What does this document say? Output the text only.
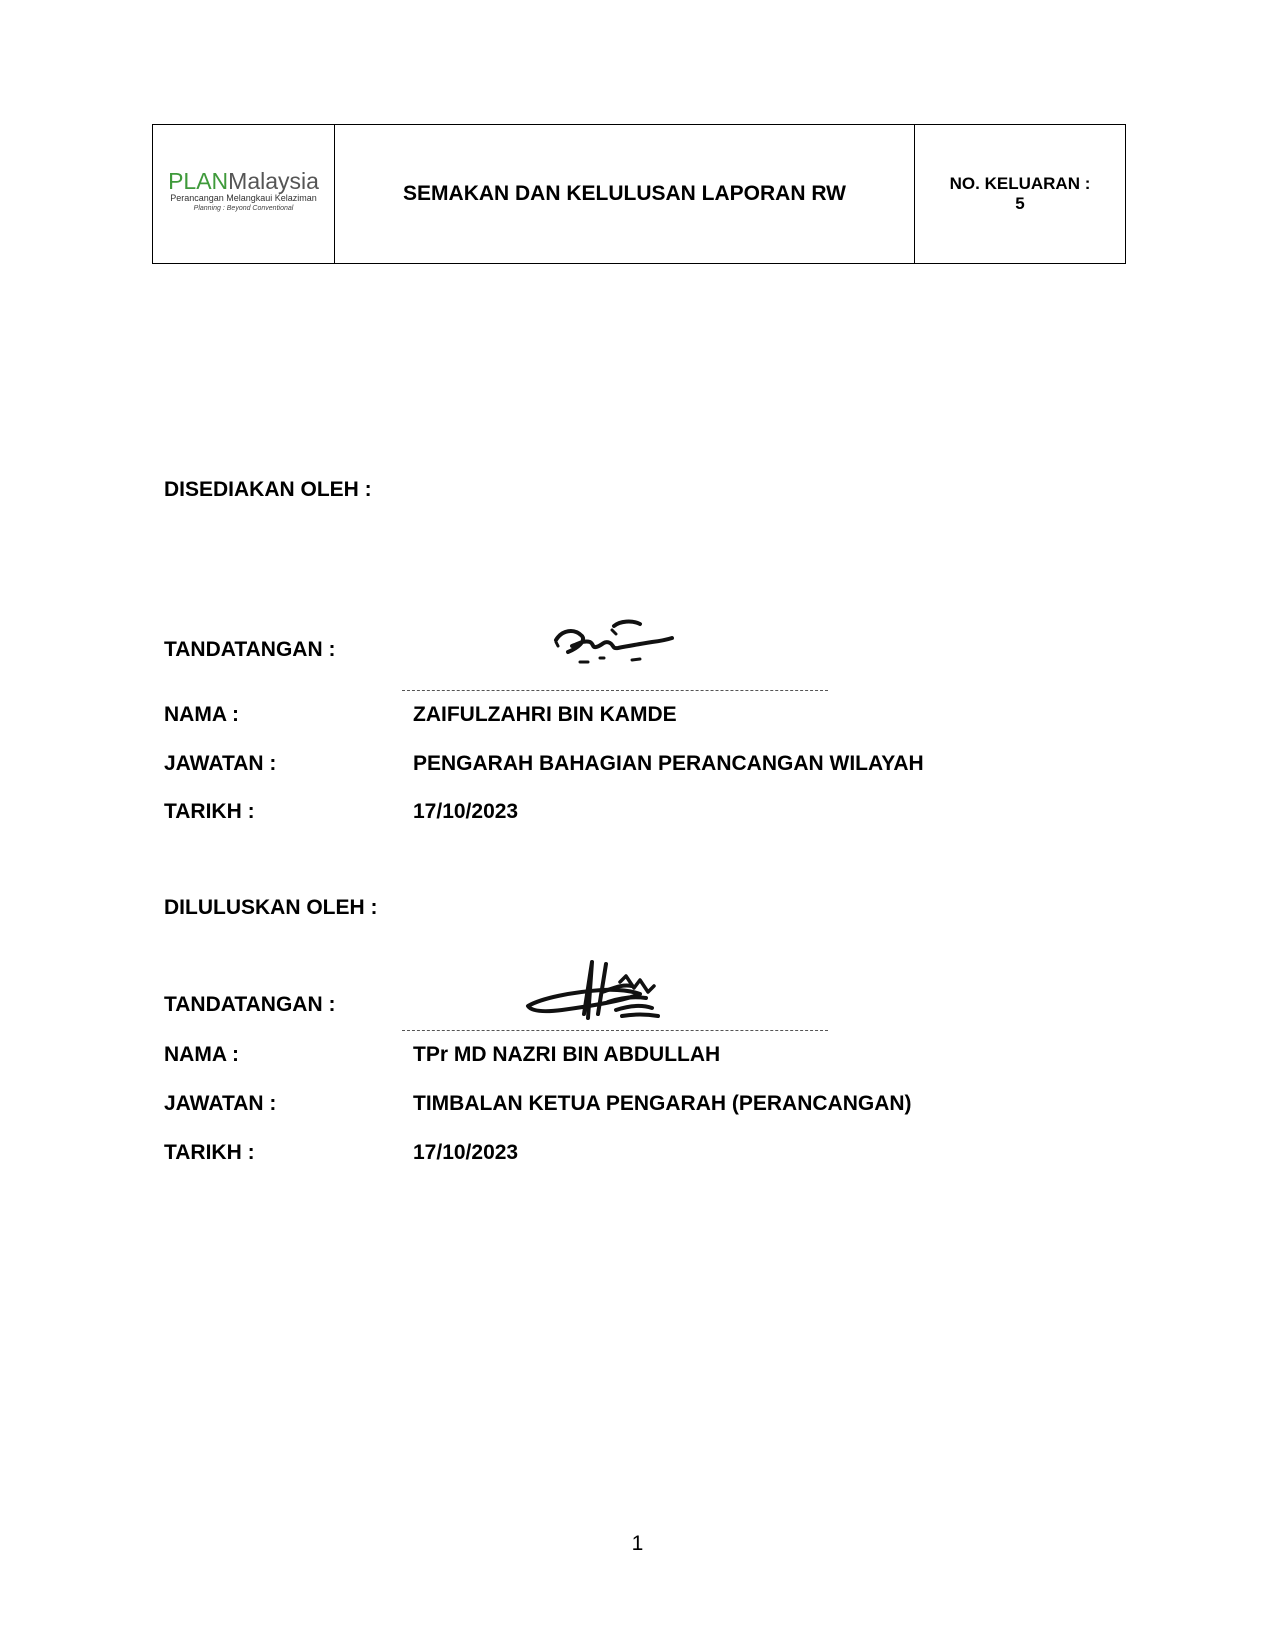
PLANMalaysia
Perancangan Melangkaui Kelaziman
Planning : Beyond Conventional
SEMAKAN DAN KELULUSAN LAPORAN RW	NO. KELUARAN :
5
DISEDIAKAN OLEH :
TANDATANGAN :
NAMA :	ZAIFULZAHRI BIN KAMDE
JAWATAN :	PENGARAH BAHAGIAN PERANCANGAN WILAYAH
TARIKH :	17/10/2023
DILULUSKAN OLEH :
TANDATANGAN :
NAMA :	TPr MD NAZRI BIN ABDULLAH
JAWATAN :	TIMBALAN KETUA PENGARAH (PERANCANGAN)
TARIKH :	17/10/2023
1
